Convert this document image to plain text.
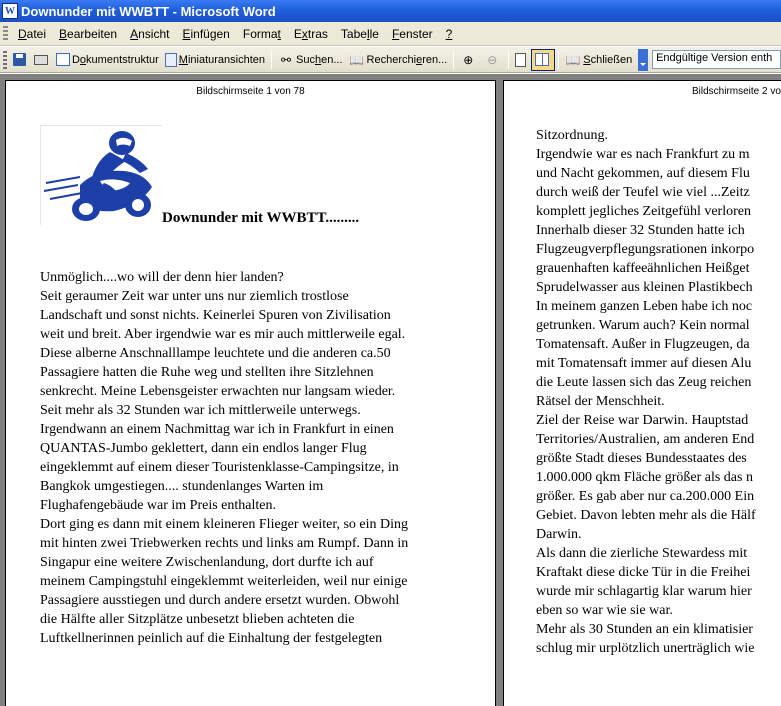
W Downunder mit WWBTT - Microsoft Word
Datei	Bearbeiten	Ansicht	Einfügen	Format	Extras	Tabelle	Fenster	?
Dokumentstruktur Miniaturansichten ⚯ Suchen... 📖 Recherchieren... ⊕ ⊖	📖 Schließen	Endgültige Version enth
Bildschirmseite 1 von 78
Downunder mit WWBTT.........
Unmöglich....wo will der denn hier landen?
Seit geraumer Zeit war unter uns nur ziemlich trostlose
Landschaft und sonst nichts. Keinerlei Spuren von Zivilisation
weit und breit. Aber irgendwie war es mir auch mittlerweile egal.
Diese alberne Anschnalllampe leuchtete und die anderen ca.50
Passagiere hatten die Ruhe weg und stellten ihre Sitzlehnen
senkrecht. Meine Lebensgeister erwachten nur langsam wieder.
Seit mehr als 32 Stunden war ich mittlerweile unterwegs.
Irgendwann an einem Nachmittag war ich in Frankfurt in einen
QUANTAS-Jumbo geklettert, dann ein endlos langer Flug
eingeklemmt auf einem dieser Touristenklasse-Campingsitze, in
Bangkok umgestiegen.... stundenlanges Warten im
Flughafengebäude war im Preis enthalten.
Dort ging es dann mit einem kleineren Flieger weiter, so ein Ding
mit hinten zwei Triebwerken rechts und links am Rumpf. Dann in
Singapur eine weitere Zwischenlandung, dort durfte ich auf
meinem Campingstuhl eingeklemmt weiterleiden, weil nur einige
Passagiere ausstiegen und durch andere ersetzt wurden. Obwohl
die Hälfte aller Sitzplätze unbesetzt blieben achteten die
Luftkellnerinnen peinlich auf die Einhaltung der festgelegten
Bildschirmseite 2 vo
Sitzordnung.
Irgendwie war es nach Frankfurt zu m
und Nacht gekommen, auf diesem Flu
durch weiß der Teufel wie viel ...Zeitz
komplett jegliches Zeitgefühl verloren
Innerhalb dieser 32 Stunden hatte ich
Flugzeugverpflegungsrationen inkorpo
grauenhaften kaffeeähnlichen Heißget
Sprudelwasser aus kleinen Plastikbech
In meinem ganzen Leben habe ich noc
getrunken. Warum auch? Kein normal
Tomatensaft. Außer in Flugzeugen, da
mit Tomatensaft immer auf diesen Alu
die Leute lassen sich das Zeug reichen
Rätsel der Menschheit.
Ziel der Reise war Darwin. Hauptstad
Territories/Australien, am anderen End
größte Stadt dieses Bundesstaates des
1.000.000 qkm Fläche größer als das n
größer. Es gab aber nur ca.200.000 Ein
Gebiet. Davon lebten mehr als die Hälf
Darwin.
Als dann die zierliche Stewardess mit
Kraftakt diese dicke Tür in die Freihei
wurde mir schlagartig klar warum hier
eben so war wie sie war.
Mehr als 30 Stunden an ein klimatisier
schlug mir urplötzlich unerträglich wie
